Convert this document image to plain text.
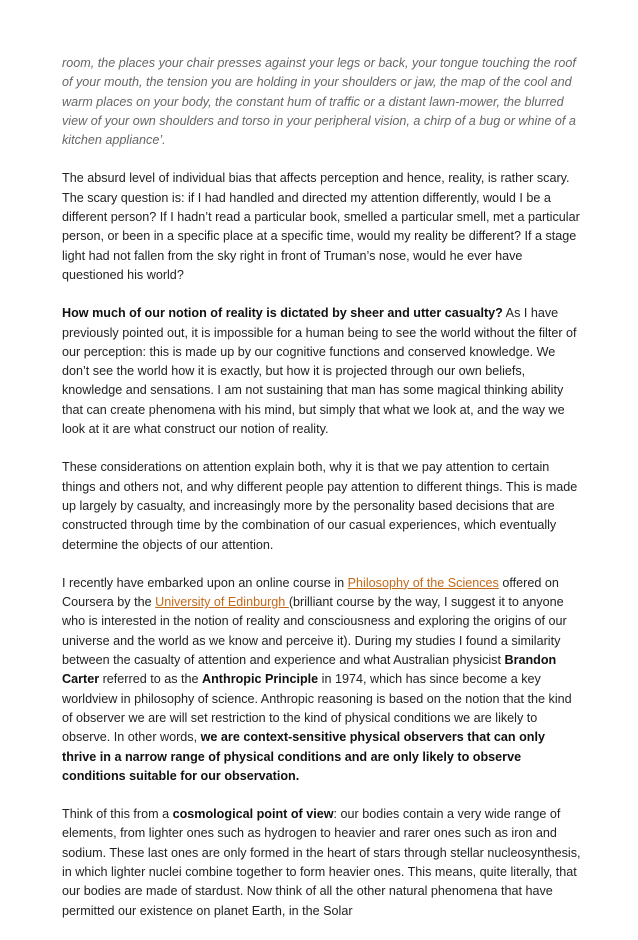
room, the places your chair presses against your legs or back, your tongue touching the roof of your mouth, the tension you are holding in your shoulders or jaw, the map of the cool and warm places on your body, the constant hum of traffic or a distant lawn-mower, the blurred view of your own shoulders and torso in your peripheral vision, a chirp of a bug or whine of a kitchen appliance’.

The absurd level of individual bias that affects perception and hence, reality, is rather scary. The scary question is: if I had handled and directed my attention differently, would I be a different person? If I hadn’t read a particular book, smelled a particular smell, met a particular person, or been in a specific place at a specific time, would my reality be different? If a stage light had not fallen from the sky right in front of Truman’s nose, would he ever have questioned his world?

How much of our notion of reality is dictated by sheer and utter casualty? As I have previously pointed out, it is impossible for a human being to see the world without the filter of our perception: this is made up by our cognitive functions and conserved knowledge. We don’t see the world how it is exactly, but how it is projected through our own beliefs, knowledge and sensations. I am not sustaining that man has some magical thinking ability that can create phenomena with his mind, but simply that what we look at, and the way we look at it are what construct our notion of reality.

These considerations on attention explain both, why it is that we pay attention to certain things and others not, and why different people pay attention to different things. This is made up largely by casualty, and increasingly more by the personality based decisions that are constructed through time by the combination of our casual experiences, which eventually determine the objects of our attention.

I recently have embarked upon an online course in Philosophy of the Sciences offered on Coursera by the University of Edinburgh (brilliant course by the way, I suggest it to anyone who is interested in the notion of reality and consciousness and exploring the origins of our universe and the world as we know and perceive it). During my studies I found a similarity between the casualty of attention and experience and what Australian physicist Brandon Carter referred to as the Anthropic Principle in 1974, which has since become a key worldview in philosophy of science. Anthropic reasoning is based on the notion that the kind of observer we are will set restriction to the kind of physical conditions we are likely to observe. In other words, we are context-sensitive physical observers that can only thrive in a narrow range of physical conditions and are only likely to observe conditions suitable for our observation.

Think of this from a cosmological point of view: our bodies contain a very wide range of elements, from lighter ones such as hydrogen to heavier and rarer ones such as iron and sodium. These last ones are only formed in the heart of stars through stellar nucleosynthesis, in which lighter nuclei combine together to form heavier ones. This means, quite literally, that our bodies are made of stardust. Now think of all the other natural phenomena that have permitted our existence on planet Earth, in the Solar
